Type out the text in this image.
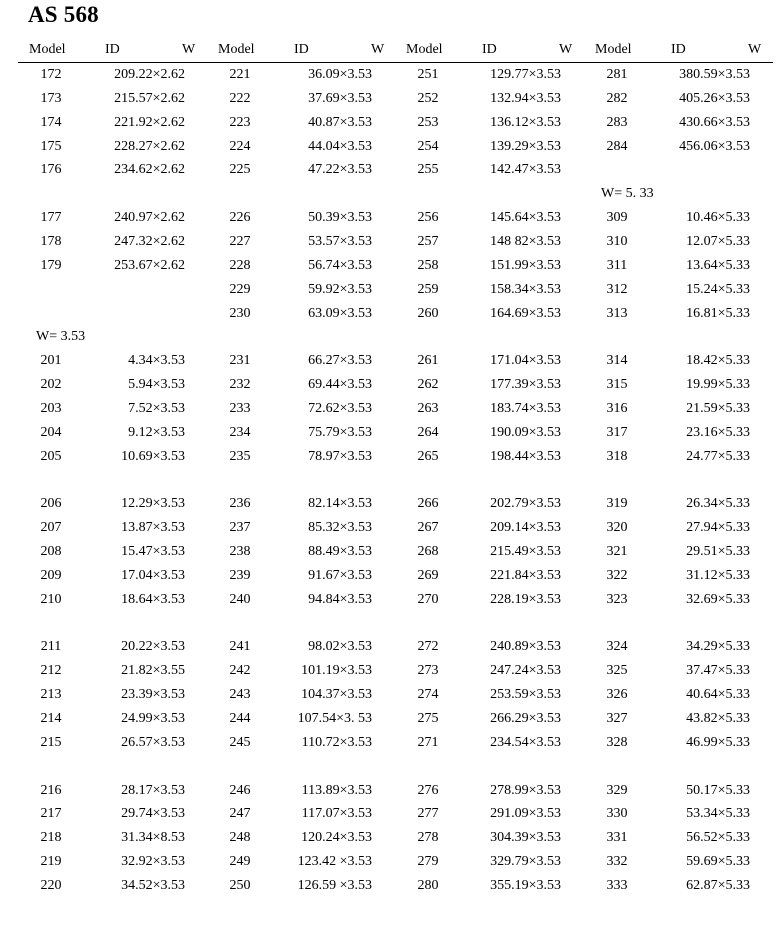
AS 568
Model	ID	W Model	ID	W Model	ID	W Model	ID	W
172	209.22×2.62
173	215.57×2.62
174	221.92×2.62
175	228.27×2.62
176	234.62×2.62
177	240.97×2.62
178	247.32×2.62
179	253.67×2.62
201	4.34×3.53
202	5.94×3.53
203	7.52×3.53
204	9.12×3.53
205	10.69×3.53
206	12.29×3.53
207	13.87×3.53
208	15.47×3.53
209	17.04×3.53
210	18.64×3.53
211	20.22×3.53
212	21.82×3.55
213	23.39×3.53
214	24.99×3.53
215	26.57×3.53
216	28.17×3.53
217	29.74×3.53
218	31.34×8.53
219	32.92×3.53
220	34.52×3.53
221	36.09×3.53
222	37.69×3.53
223	40.87×3.53
224	44.04×3.53
225	47.22×3.53
226	50.39×3.53
227	53.57×3.53
228	56.74×3.53
229	59.92×3.53
230	63.09×3.53
231	66.27×3.53
232	69.44×3.53
233	72.62×3.53
234	75.79×3.53
235	78.97×3.53
236	82.14×3.53
237	85.32×3.53
238	88.49×3.53
239	91.67×3.53
240	94.84×3.53
241	98.02×3.53
242	101.19×3.53
243	104.37×3.53
244	107.54×3. 53
245	110.72×3.53
246	113.89×3.53
247	117.07×3.53
248	120.24×3.53
249	123.42 ×3.53
250	126.59 ×3.53
251	129.77×3.53
252	132.94×3.53
253	136.12×3.53
254	139.29×3.53
255	142.47×3.53
256	145.64×3.53
257	148 82×3.53
258	151.99×3.53
259	158.34×3.53
260	164.69×3.53
261	171.04×3.53
262	177.39×3.53
263	183.74×3.53
264	190.09×3.53
265	198.44×3.53
266	202.79×3.53
267	209.14×3.53
268	215.49×3.53
269	221.84×3.53
270	228.19×3.53
272	240.89×3.53
273	247.24×3.53
274	253.59×3.53
275	266.29×3.53
271	234.54×3.53
276	278.99×3.53
277	291.09×3.53
278	304.39×3.53
279	329.79×3.53
280	355.19×3.53
281	380.59×3.53
282	405.26×3.53
283	430.66×3.53
284	456.06×3.53
309	10.46×5.33
310	12.07×5.33
311	13.64×5.33
312	15.24×5.33
313	16.81×5.33
314	18.42×5.33
315	19.99×5.33
316	21.59×5.33
317	23.16×5.33
318	24.77×5.33
319	26.34×5.33
320	27.94×5.33
321	29.51×5.33
322	31.12×5.33
323	32.69×5.33
324	34.29×5.33
325	37.47×5.33
326	40.64×5.33
327	43.82×5.33
328	46.99×5.33
329	50.17×5.33
330	53.34×5.33
331	56.52×5.33
332	59.69×5.33
333	62.87×5.33
W= 3.53
W= 5. 33
